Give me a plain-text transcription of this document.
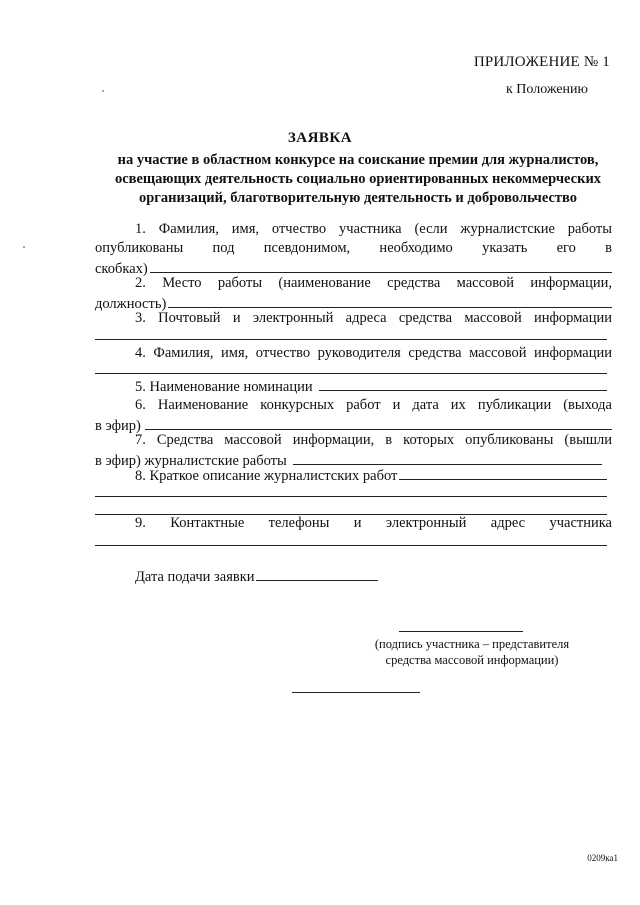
ПРИЛОЖЕНИЕ № 1
к Положению
ЗАЯВКА
на участие в областном конкурсе на соискание премии для журналистов, освещающих деятельность социально ориентированных некоммерческих организаций, благотворительную деятельность и добровольчество
1. Фамилия, имя, отчество участника (если журналистские работы
опубликованы под псевдонимом, необходимо указать его в
скобках)
2. Место работы (наименование средства массовой информации,
должность)
3. Почтовый и электронный адреса средства массовой информации
4. Фамилия, имя, отчество руководителя средства массовой информации
5. Наименование номинации
6. Наименование конкурсных работ и дата их публикации (выхода
в эфир)
7. Средства массовой информации, в которых опубликованы (вышли
в эфир) журналистские работы
8. Краткое описание журналистских работ
9. Контактные телефоны и электронный адрес участника
Дата подачи заявки
(подпись участника – представителя
средства массовой информации)
0209ка1
